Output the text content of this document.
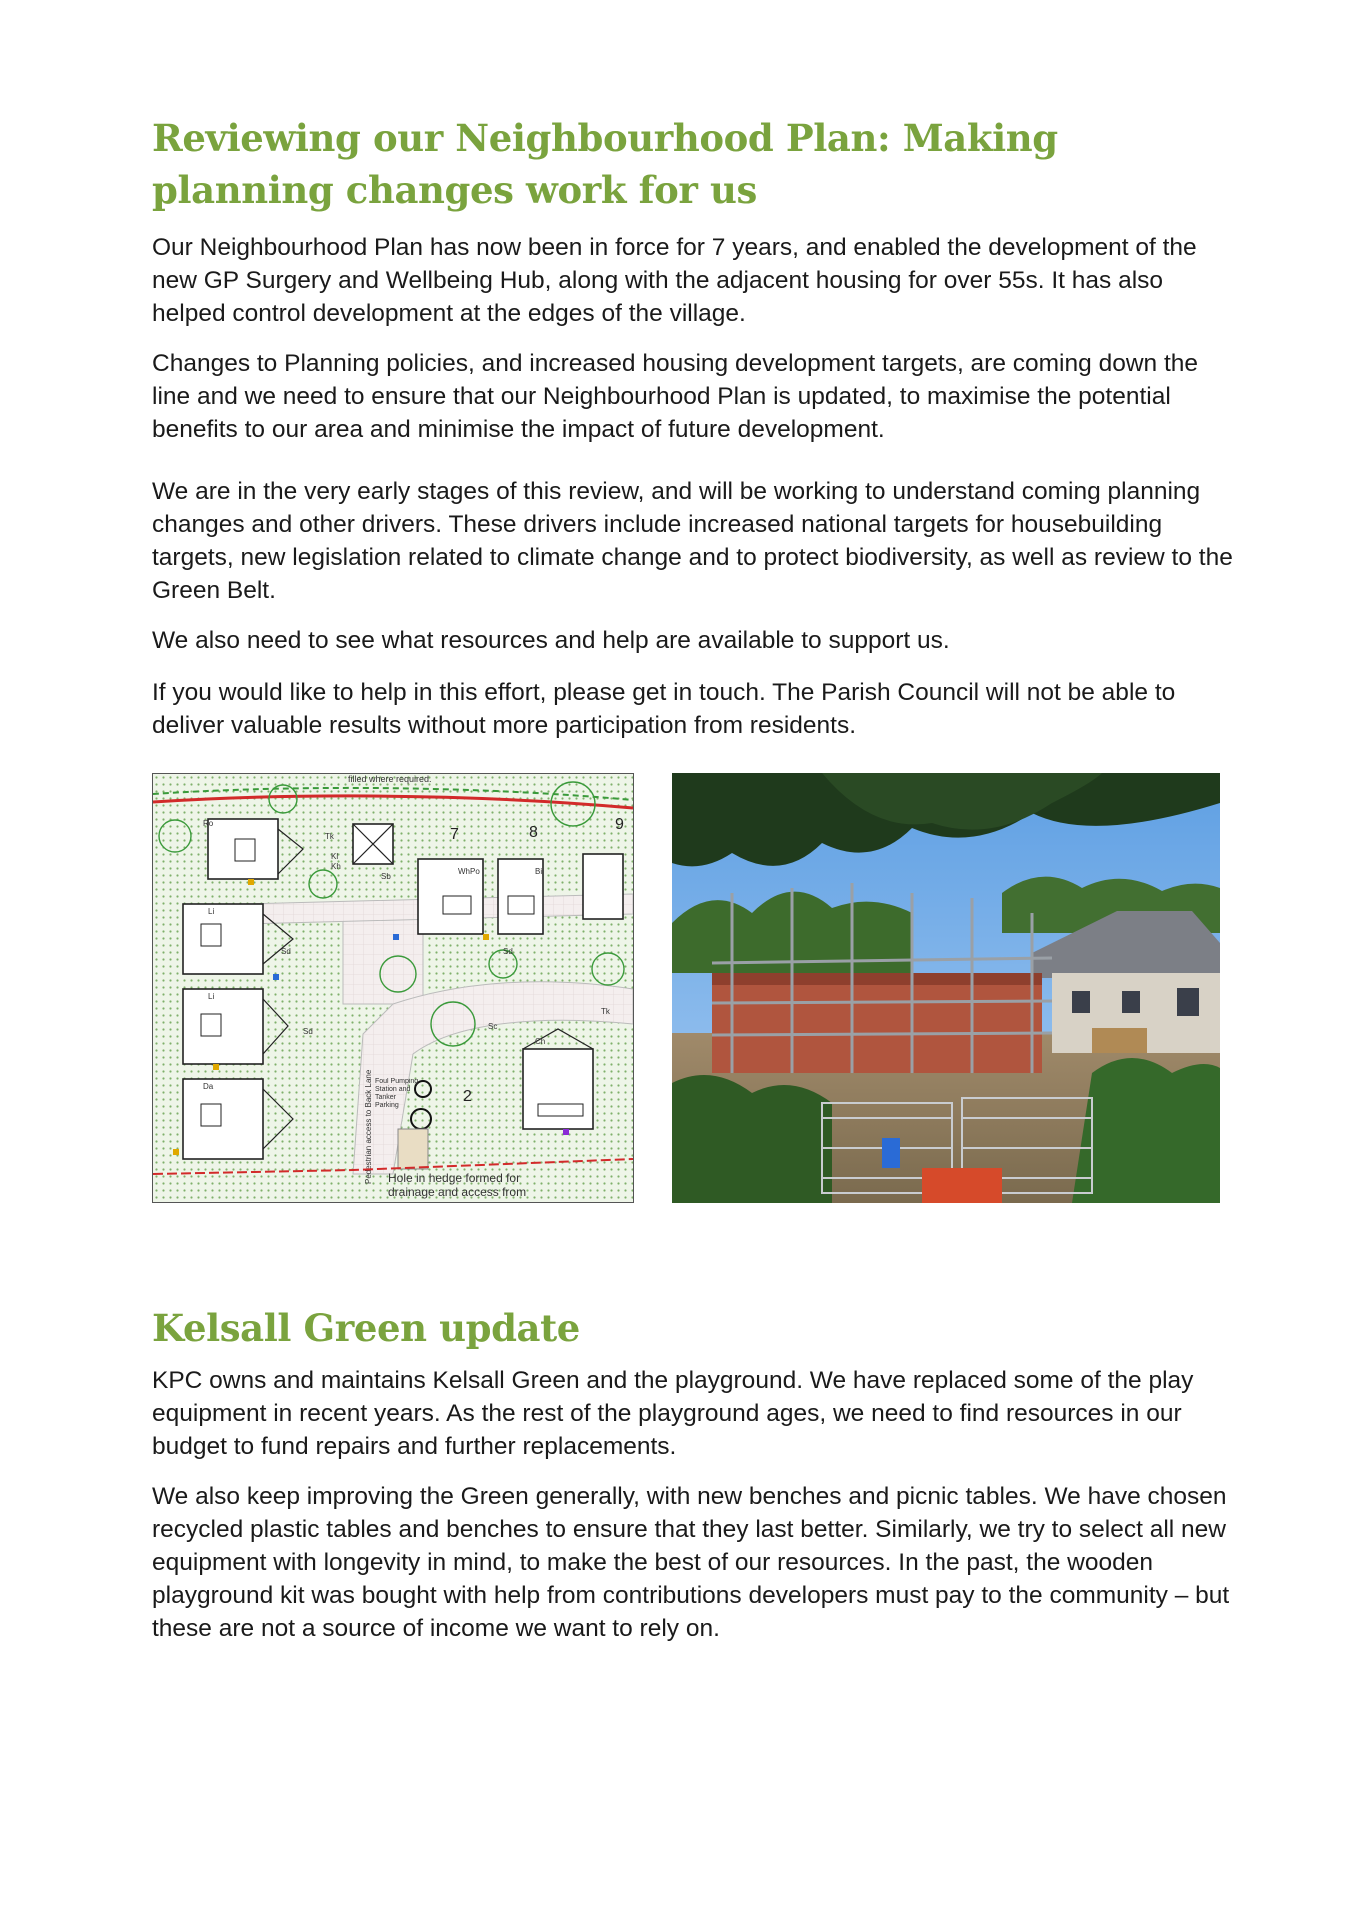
Reviewing our Neighbourhood Plan: Making planning changes work for us

Our Neighbourhood Plan has now been in force for 7 years, and enabled the development of the new GP Surgery and Wellbeing Hub, along with the adjacent housing for over 55s. It has also helped control development at the edges of the village.

Changes to Planning policies, and increased housing development targets, are coming down the line and we need to ensure that our Neighbourhood Plan is updated, to maximise the potential benefits to our area and minimise the impact of future development.

We are in the very early stages of this review, and will be working to understand coming planning changes and other drivers. These drivers include increased national targets for housebuilding targets, new legislation related to climate change and to protect biodiversity, as well as review to the Green Belt.

We also need to see what resources and help are available to support us.

If you would like to help in this effort, please get in touch. The Parish Council will not be able to deliver valuable results without more participation from residents.

filled where required.
7	8	9
2
Ro
Tk
Li
Li
Da
WhPo	Bi
Ch
Sb
Sc
Sd
Sd	Sd
Kl
Kh
Tk
Foul Pumping Station and Tanker Parking
Pedestrian access to Back Lane Hole in hedge formed for
drainage and access from
Kelsall Green update

KPC owns and maintains Kelsall Green and the playground. We have replaced some of the play equipment in recent years. As the rest of the playground ages, we need to find resources in our budget to fund repairs and further replacements.

We also keep improving the Green generally, with new benches and picnic tables. We have chosen recycled plastic tables and benches to ensure that they last better. Similarly, we try to select all new equipment with longevity in mind, to make the best of our resources. In the past, the wooden playground kit was bought with help from contributions developers must pay to the community – but these are not a source of income we want to rely on.
